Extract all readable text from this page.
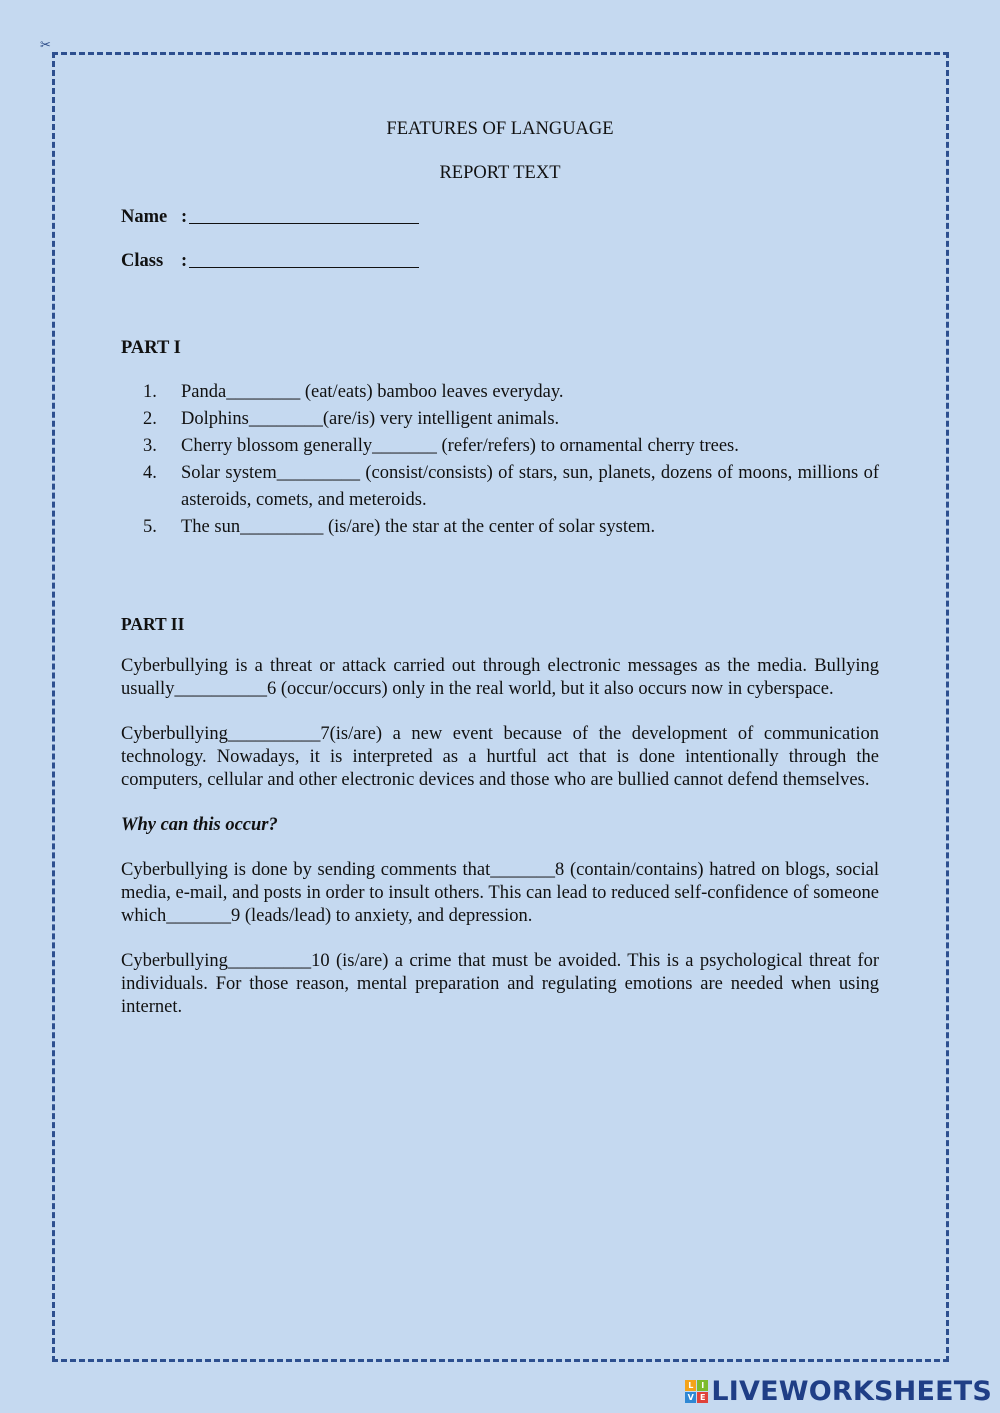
✂
FEATURES OF LANGUAGE
REPORT TEXT
Name :
Class :
PART I
1.	Panda________ (eat/eats) bamboo leaves everyday.
2.	Dolphins________(are/is) very intelligent animals.
3.	Cherry blossom generally_______ (refer/refers) to ornamental cherry trees.
4.	Solar system_________ (consist/consists) of stars, sun, planets, dozens of moons, millions of asteroids, comets, and meteroids.
5.	The sun_________ (is/are) the star at the center of solar system.
PART II

Cyberbullying is a threat or attack carried out through electronic messages as the media. Bullying usually__________6 (occur/occurs) only in the real world, but it also occurs now in cyberspace.

Cyberbullying__________7(is/are) a new event because of the development of communication technology. Nowadays, it is interpreted as a hurtful act that is done intentionally through the computers, cellular and other electronic devices and those who are bullied cannot defend themselves.

Why can this occur?

Cyberbullying is done by sending comments that_______8 (contain/contains) hatred on blogs, social media, e-mail, and posts in order to insult others. This can lead to reduced self-confidence of someone which_______9 (leads/lead) to anxiety, and depression.

Cyberbullying_________10 (is/are) a crime that must be avoided. This is a psychological threat for individuals. For those reason, mental preparation and regulating emotions are needed when using internet.

L I
V E LIVEWORKSHEETS
